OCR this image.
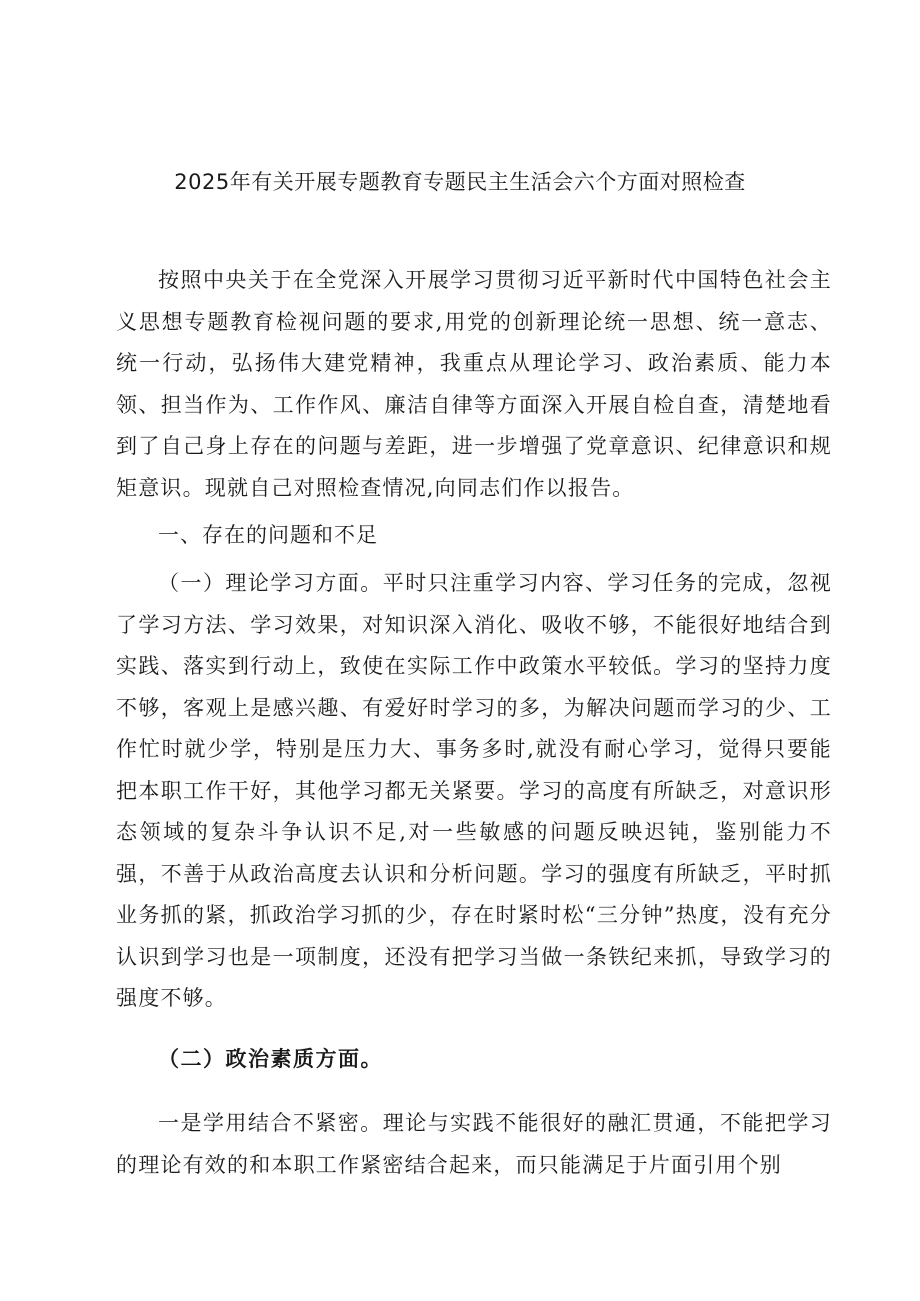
2025年有关开展专题教育专题民主生活会六个方面对照检查

按照中央关于在全党深入开展学习贯彻习近平新时代中国特色社会主义思想专题教育检视问题的要求,用党的创新理论统一思想、统一意志、统一行动，弘扬伟大建党精神，我重点从理论学习、政治素质、能力本领、担当作为、工作作风、廉洁自律等方面深入开展自检自查，清楚地看到了自己身上存在的问题与差距，进一步增强了党章意识、纪律意识和规矩意识。现就自己对照检查情况,向同志们作以报告。

一、存在的问题和不足

（一）理论学习方面。平时只注重学习内容、学习任务的完成，忽视了学习方法、学习效果，对知识深入消化、吸收不够，不能很好地结合到实践、落实到行动上，致使在实际工作中政策水平较低。学习的坚持力度不够，客观上是感兴趣、有爱好时学习的多，为解决问题而学习的少、工作忙时就少学，特别是压力大、事务多时,就没有耐心学习，觉得只要能把本职工作干好，其他学习都无关紧要。学习的高度有所缺乏，对意识形态领域的复杂斗争认识不足,对一些敏感的问题反映迟钝，鉴别能力不强，不善于从政治高度去认识和分析问题。学习的强度有所缺乏，平时抓业务抓的紧，抓政治学习抓的少，存在时紧时松“三分钟”热度，没有充分认识到学习也是一项制度，还没有把学习当做一条铁纪来抓，导致学习的强度不够。

（二）政治素质方面。

一是学用结合不紧密。理论与实践不能很好的融汇贯通，不能把学习的理论有效的和本职工作紧密结合起来，而只能满足于片面引用个别
